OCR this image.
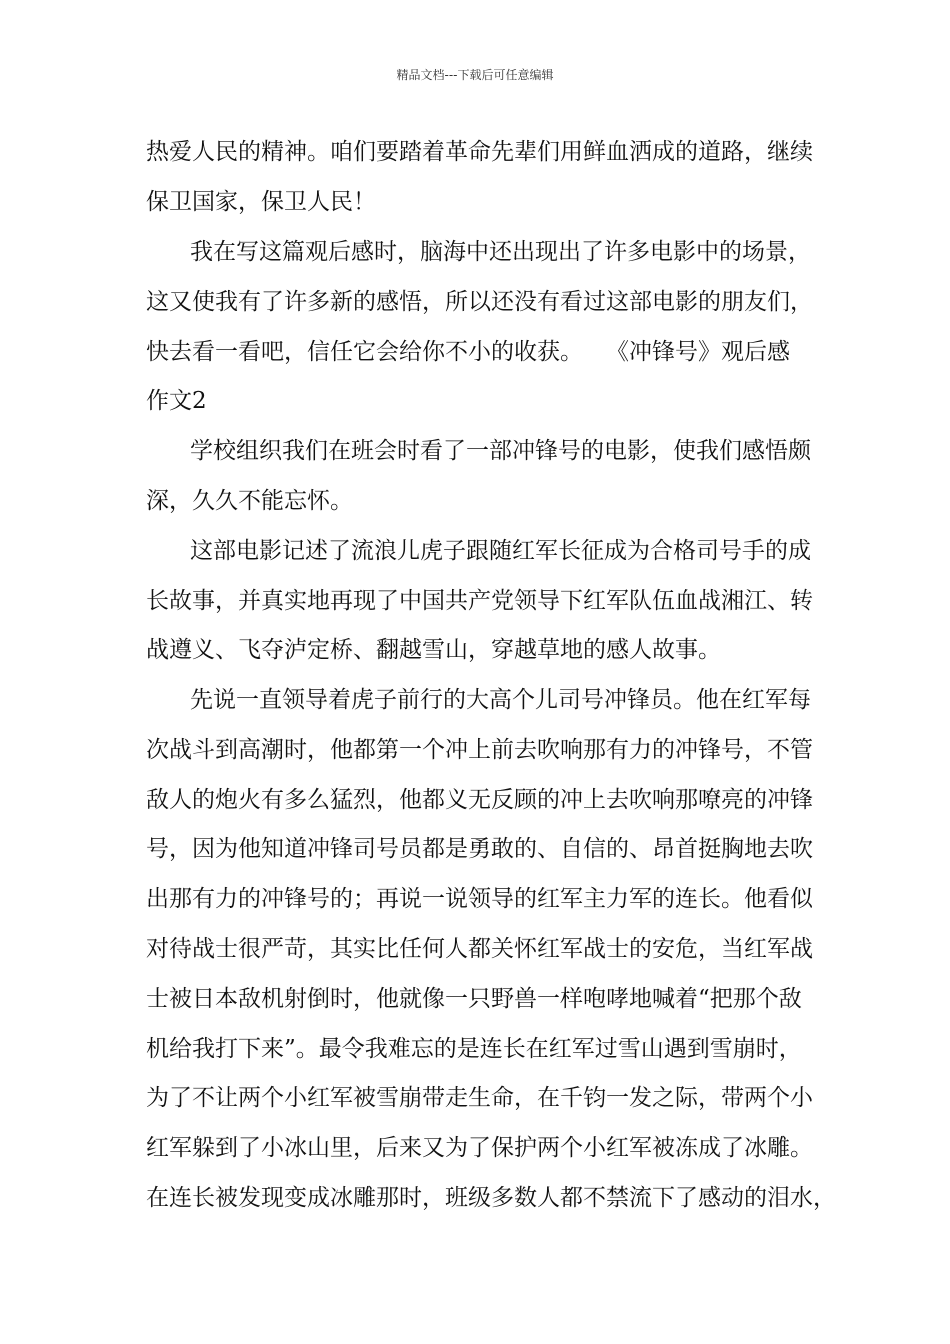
精品文档---下载后可任意编辑
热爱人民的精神。咱们要踏着革命先辈们用鲜血洒成的道路，继续
保卫国家，保卫人民！
我在写这篇观后感时，脑海中还出现出了许多电影中的场景，
这又使我有了许多新的感悟，所以还没有看过这部电影的朋友们，
快去看一看吧，信任它会给你不小的收获。　　《冲锋号》观后感
作文2
学校组织我们在班会时看了一部冲锋号的电影，使我们感悟颇
深，久久不能忘怀。
这部电影记述了流浪儿虎子跟随红军长征成为合格司号手的成
长故事，并真实地再现了中国共产党领导下红军队伍血战湘江、转
战遵义、飞夺泸定桥、翻越雪山，穿越草地的感人故事。
先说一直领导着虎子前行的大高个儿司号冲锋员。他在红军每
次战斗到高潮时，他都第一个冲上前去吹响那有力的冲锋号，不管
敌人的炮火有多么猛烈，他都义无反顾的冲上去吹响那嘹亮的冲锋
号，因为他知道冲锋司号员都是勇敢的、自信的、昂首挺胸地去吹
出那有力的冲锋号的；再说一说领导的红军主力军的连长。他看似
对待战士很严苛，其实比任何人都关怀红军战士的安危，当红军战
士被日本敌机射倒时，他就像一只野兽一样咆哮地喊着“把那个敌
机给我打下来”。最令我难忘的是连长在红军过雪山遇到雪崩时，
为了不让两个小红军被雪崩带走生命，在千钧一发之际，带两个小
红军躲到了小冰山里，后来又为了保护两个小红军被冻成了冰雕。
在连长被发现变成冰雕那时，班级多数人都不禁流下了感动的泪水，
